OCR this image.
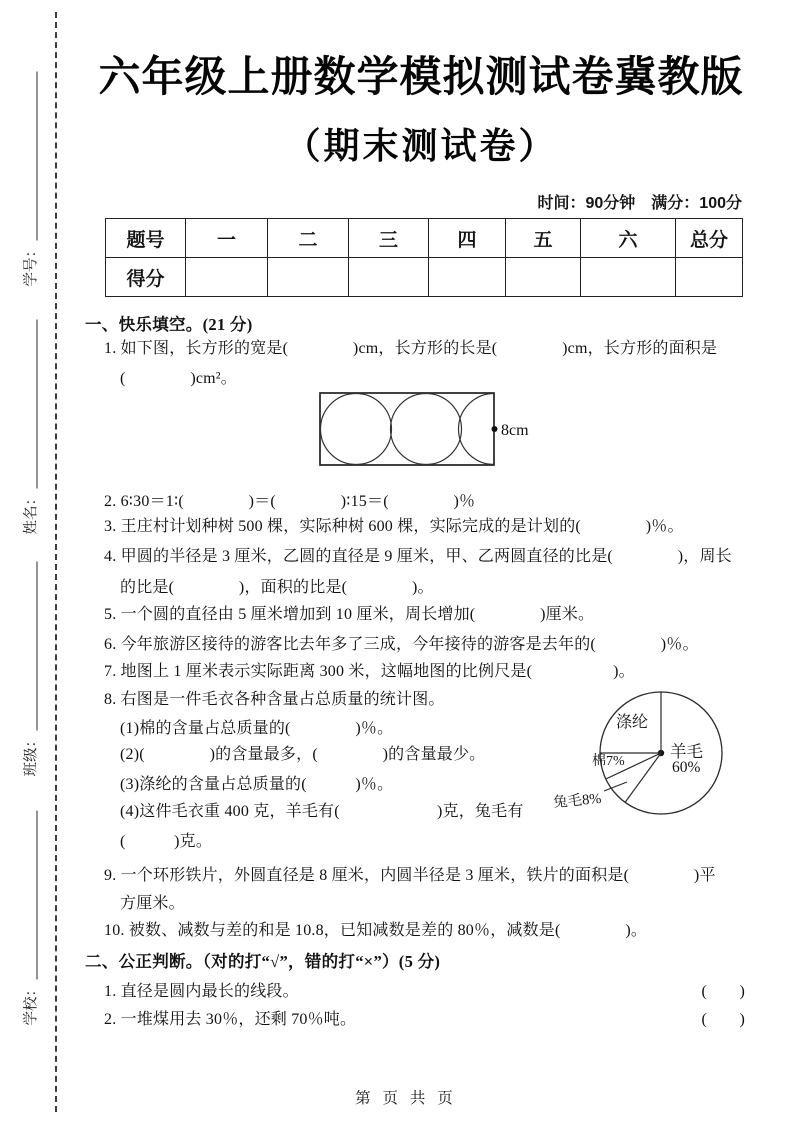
学号：
姓名：
班级：
学校：
六年级上册数学模拟测试卷冀教版
（期末测试卷）
时间：90分钟　满分：100分
题号	一	二	三	四	五	六	总分
得分							
一、快乐填空。(21 分)
1. 如下图，长方形的宽是(　　　　)cm，长方形的长是(　　　　)cm，长方形的面积是
(　　　　)cm²。
8cm
2. 6∶30＝1∶(　　　　)＝(　　　　)∶15＝(　　　　)％
3. 王庄村计划种树 500 棵，实际种树 600 棵，实际完成的是计划的(　　　　)％。
4. 甲圆的半径是 3 厘米，乙圆的直径是 9 厘米，甲、乙两圆直径的比是(　　　　)，周长
的比是(　　　　)，面积的比是(　　　　)。
5. 一个圆的直径由 5 厘米增加到 10 厘米，周长增加(　　　　)厘米。
6. 今年旅游区接待的游客比去年多了三成，今年接待的游客是去年的(　　　　)％。
7. 地图上 1 厘米表示实际距离 300 米，这幅地图的比例尺是(　　　　　)。
8. 右图是一件毛衣各种含量占总质量的统计图。
(1)棉的含量占总质量的(　　　　)％。
(2)(　　　　)的含量最多，(　　　　)的含量最少。
(3)涤纶的含量占总质量的(　　　)％。
(4)这件毛衣重 400 克，羊毛有(　　　　　　)克，兔毛有
(　　　)克。
9. 一个环形铁片，外圆直径是 8 厘米，内圆半径是 3 厘米，铁片的面积是(　　　　)平
方厘米。
10. 被数、减数与差的和是 10.8，已知减数是差的 80％，减数是(　　　　)。
涤纶
羊毛
60%
棉7%
兔毛8%
二、公正判断。（对的打“√”，错的打“×”）(5 分)
1. 直径是圆内最长的线段。	(　　)
2. 一堆煤用去 30％，还剩 70％吨。	(　　)
第 页 共 页
